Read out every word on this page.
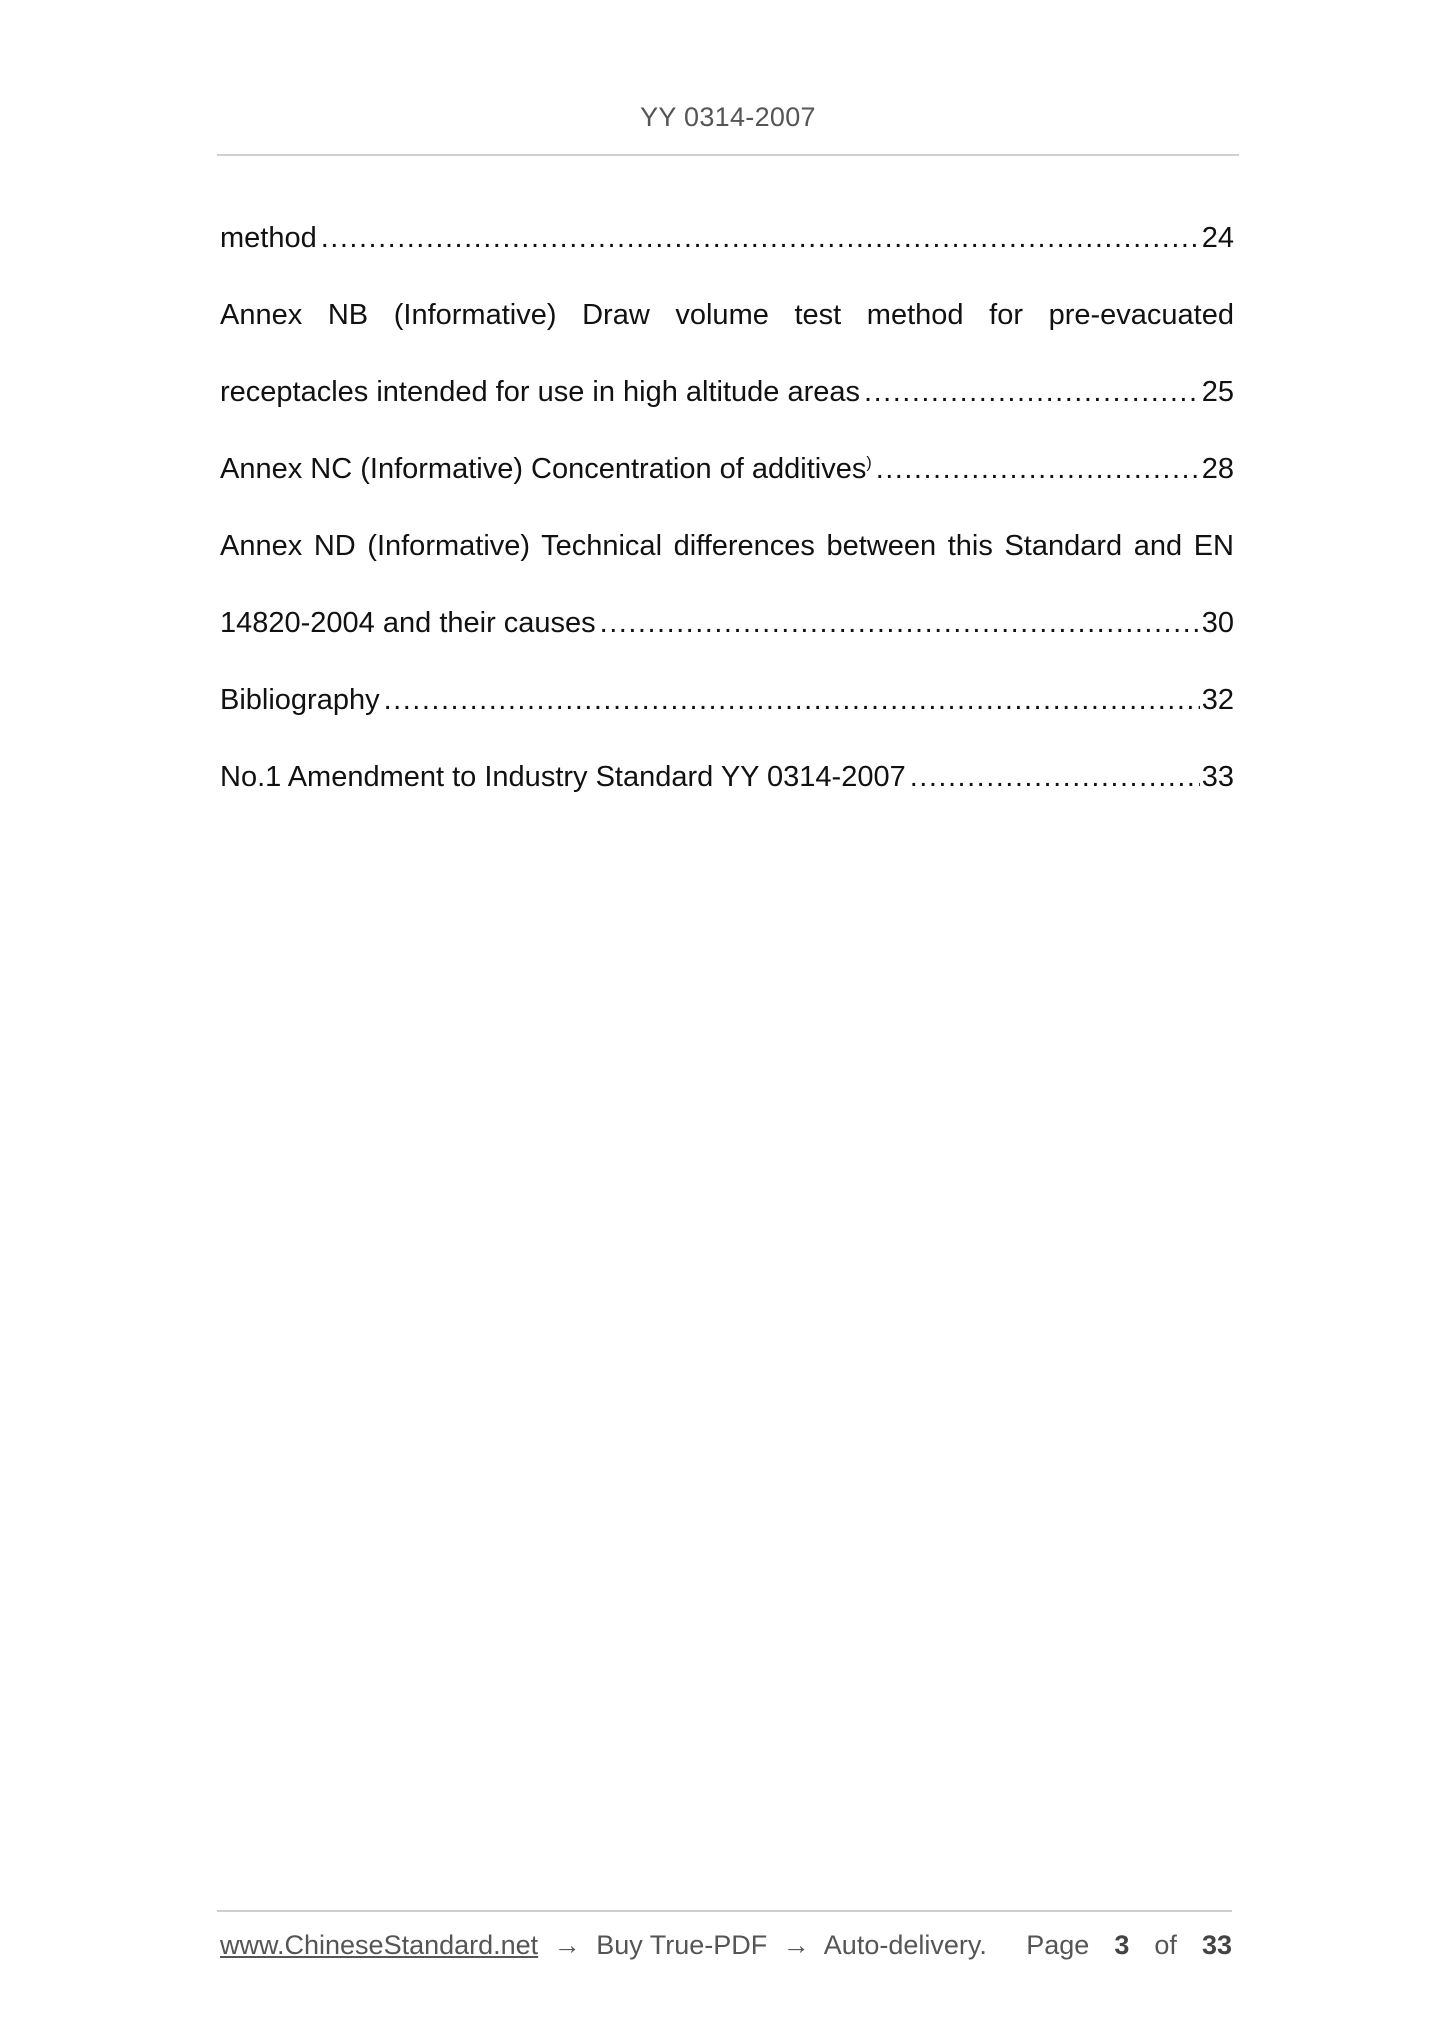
YY 0314-2007
method .....	24
Annex NB (Informative) Draw volume test method for pre-evacuated
receptacles intended for use in high altitude areas .....	25
Annex NC (Informative) Concentration of additives) .....	28
Annex ND (Informative) Technical differences between this Standard and EN
14820-2004 and their causes .....	30
Bibliography .....	32
No.1 Amendment to Industry Standard YY 0314-2007 .....	33
www.ChineseStandard.net → Buy True-PDF → Auto-delivery. Page 3 of 33
